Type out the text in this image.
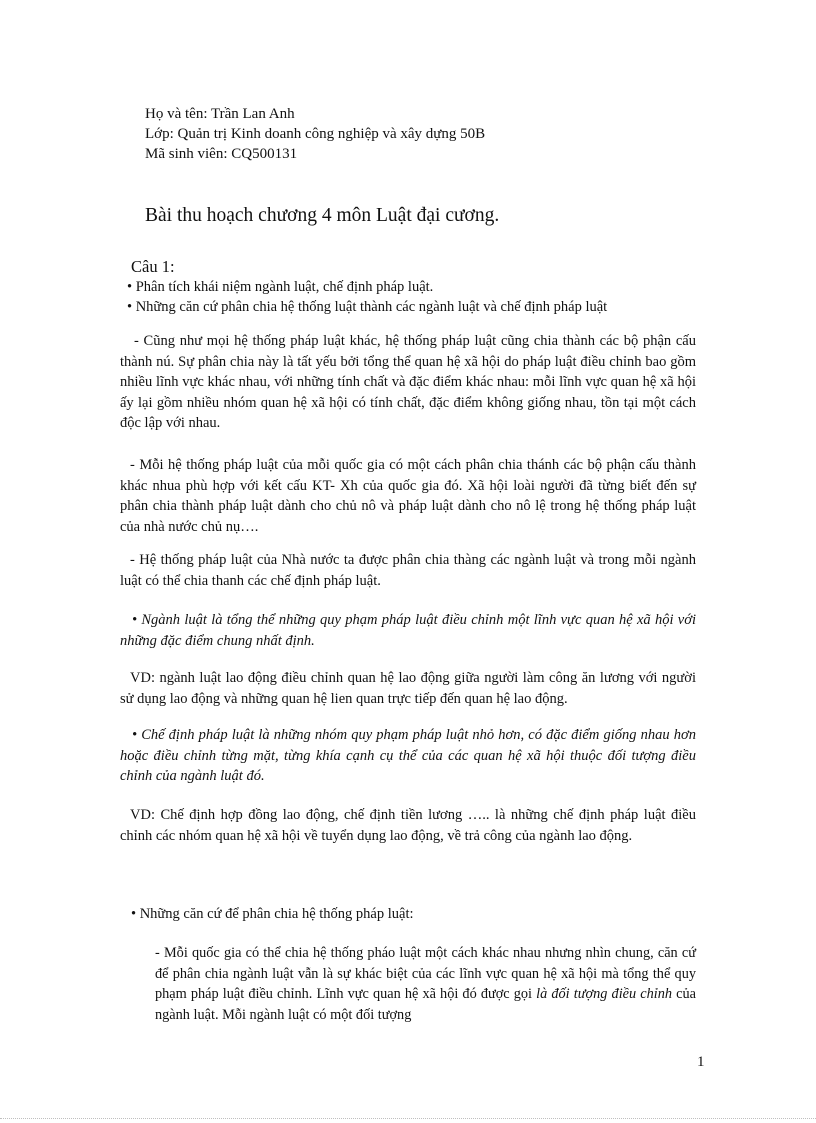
Họ và tên: Trần Lan Anh
Lớp: Quản trị Kinh doanh công nghiệp và xây dựng 50B
Mã sinh viên: CQ500131
Bài thu hoạch chương 4 môn Luật đại cương.
Câu 1:
• Phân tích khái niệm ngành luật, chế định pháp luật.
• Những căn cứ phân chia hệ thống luật thành các ngành luật và chế định pháp luật
- Cũng như mọi hệ thống pháp luật khác, hệ thống pháp luật cũng chia thành các bộ phận cấu thành nú. Sự phân chia này là tất yếu bởi tổng thể quan hệ xã hội do pháp luật điều chỉnh bao gồm nhiều lĩnh vực khác nhau, với những tính chất và đặc điểm khác nhau: mỗi lĩnh vực quan hệ xã hội ấy lại gồm nhiều nhóm quan hệ xã hội có tính chất, đặc điểm không giống nhau, tồn tại một cách độc lập với nhau.
- Mỗi hệ thống pháp luật của mỗi quốc gia có một cách phân chia thánh các bộ phận cấu thành khác nhua phù hợp với kết cấu KT- Xh của quốc gia đó. Xã hội loài người đã từng biết đến sự phân chia thành pháp luật dành cho chủ nô và pháp luật dành cho nô lệ trong hệ thống pháp luật của nhà nước chủ nụ….
- Hệ thống pháp luật của Nhà nước ta được phân chia thàng các ngành luật và trong mỗi ngành luật có thể chia thanh các chế định pháp luật.
• Ngành luật là tổng thể những quy phạm pháp luật điều chỉnh một lĩnh vực quan hệ xã hội với những đặc điểm chung nhất định.
VD: ngành luật lao động điều chỉnh quan hệ lao động giữa người làm công ăn lương với người sử dụng lao động và những quan hệ lien quan trực tiếp đến quan hệ lao động.
• Chế định pháp luật là những nhóm quy phạm pháp luật nhỏ hơn, có đặc điểm giống nhau hơn hoặc điều chỉnh từng mặt, từng khía cạnh cụ thể của các quan hệ xã hội thuộc đối tượng điều chỉnh của ngành luật đó.
VD: Chế định hợp đồng lao động, chế định tiền lương ….. là những chế định pháp luật điều chỉnh các nhóm quan hệ xã hội về tuyển dụng lao động, về trả công của ngành lao động.
• Những căn cứ để phân chia hệ thống pháp luật:
- Mỗi quốc gia có thể chia hệ thống pháo luật một cách khác nhau nhưng nhìn chung, căn cứ để phân chia ngành luật vẫn là sự khác biệt của các lĩnh vực quan hệ xã hội mà tổng thể quy phạm pháp luật điều chỉnh. Lĩnh vực quan hệ xã hội đó được gọi là đối tượng điều chỉnh của ngành luật. Mỗi ngành luật có một đối tượng
1
